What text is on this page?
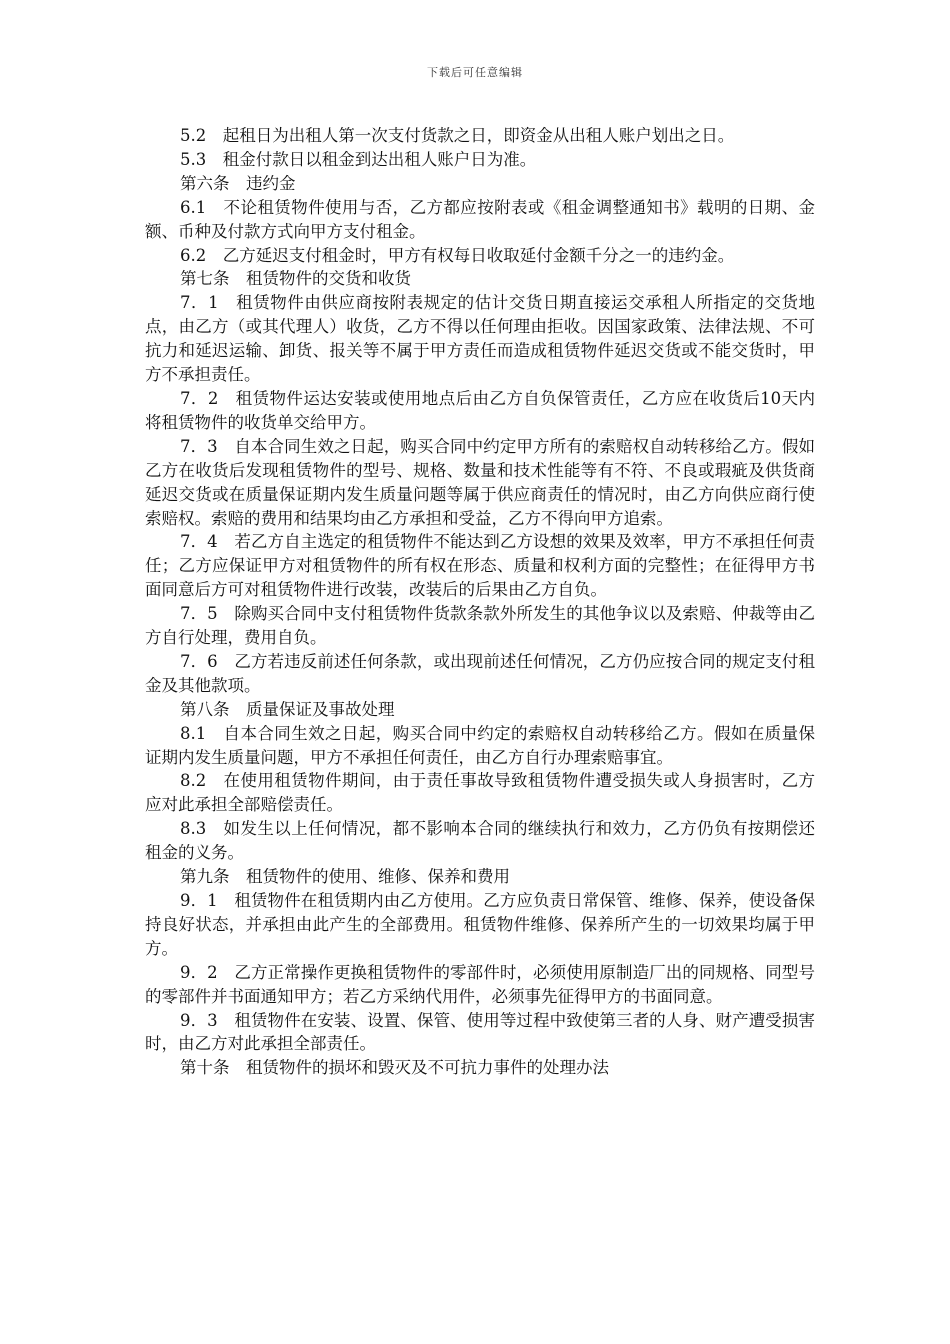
下载后可任意编辑

5.2　起租日为出租人第一次支付货款之日，即资金从出租人账户划出之日。

5.3　租金付款日以租金到达出租人账户日为准。

第六条　违约金

6.1　不论租赁物件使用与否，乙方都应按附表或《租金调整通知书》载明的日期、金额、币种及付款方式向甲方支付租金。

6.2　乙方延迟支付租金时，甲方有权每日收取延付金额千分之一的违约金。

第七条　租赁物件的交货和收货

7．1　租赁物件由供应商按附表规定的估计交货日期直接运交承租人所指定的交货地点，由乙方（或其代理人）收货，乙方不得以任何理由拒收。因国家政策、法律法规、不可抗力和延迟运输、卸货、报关等不属于甲方责任而造成租赁物件延迟交货或不能交货时，甲方不承担责任。

7．2　租赁物件运达安装或使用地点后由乙方自负保管责任，乙方应在收货后10天内将租赁物件的收货单交给甲方。

7．3　自本合同生效之日起，购买合同中约定甲方所有的索赔权自动转移给乙方。假如乙方在收货后发现租赁物件的型号、规格、数量和技术性能等有不符、不良或瑕疵及供货商延迟交货或在质量保证期内发生质量问题等属于供应商责任的情况时，由乙方向供应商行使索赔权。索赔的费用和结果均由乙方承担和受益，乙方不得向甲方追索。

7．4　若乙方自主选定的租赁物件不能达到乙方设想的效果及效率，甲方不承担任何责任；乙方应保证甲方对租赁物件的所有权在形态、质量和权利方面的完整性；在征得甲方书面同意后方可对租赁物件进行改装，改装后的后果由乙方自负。

7．5　除购买合同中支付租赁物件货款条款外所发生的其他争议以及索赔、仲裁等由乙方自行处理，费用自负。

7．6　乙方若违反前述任何条款，或出现前述任何情况，乙方仍应按合同的规定支付租金及其他款项。

第八条　质量保证及事故处理

8.1　自本合同生效之日起，购买合同中约定的索赔权自动转移给乙方。假如在质量保证期内发生质量问题，甲方不承担任何责任，由乙方自行办理索赔事宜。

8.2　在使用租赁物件期间，由于责任事故导致租赁物件遭受损失或人身损害时，乙方应对此承担全部赔偿责任。

8.3　如发生以上任何情况，都不影响本合同的继续执行和效力，乙方仍负有按期偿还租金的义务。

第九条　租赁物件的使用、维修、保养和费用

9．1　租赁物件在租赁期内由乙方使用。乙方应负责日常保管、维修、保养，使设备保持良好状态，并承担由此产生的全部费用。租赁物件维修、保养所产生的一切效果均属于甲方。

9．2　乙方正常操作更换租赁物件的零部件时，必须使用原制造厂出的同规格、同型号的零部件并书面通知甲方；若乙方采纳代用件，必须事先征得甲方的书面同意。

9．3　租赁物件在安装、设置、保管、使用等过程中致使第三者的人身、财产遭受损害时，由乙方对此承担全部责任。

第十条　租赁物件的损坏和毁灭及不可抗力事件的处理办法
